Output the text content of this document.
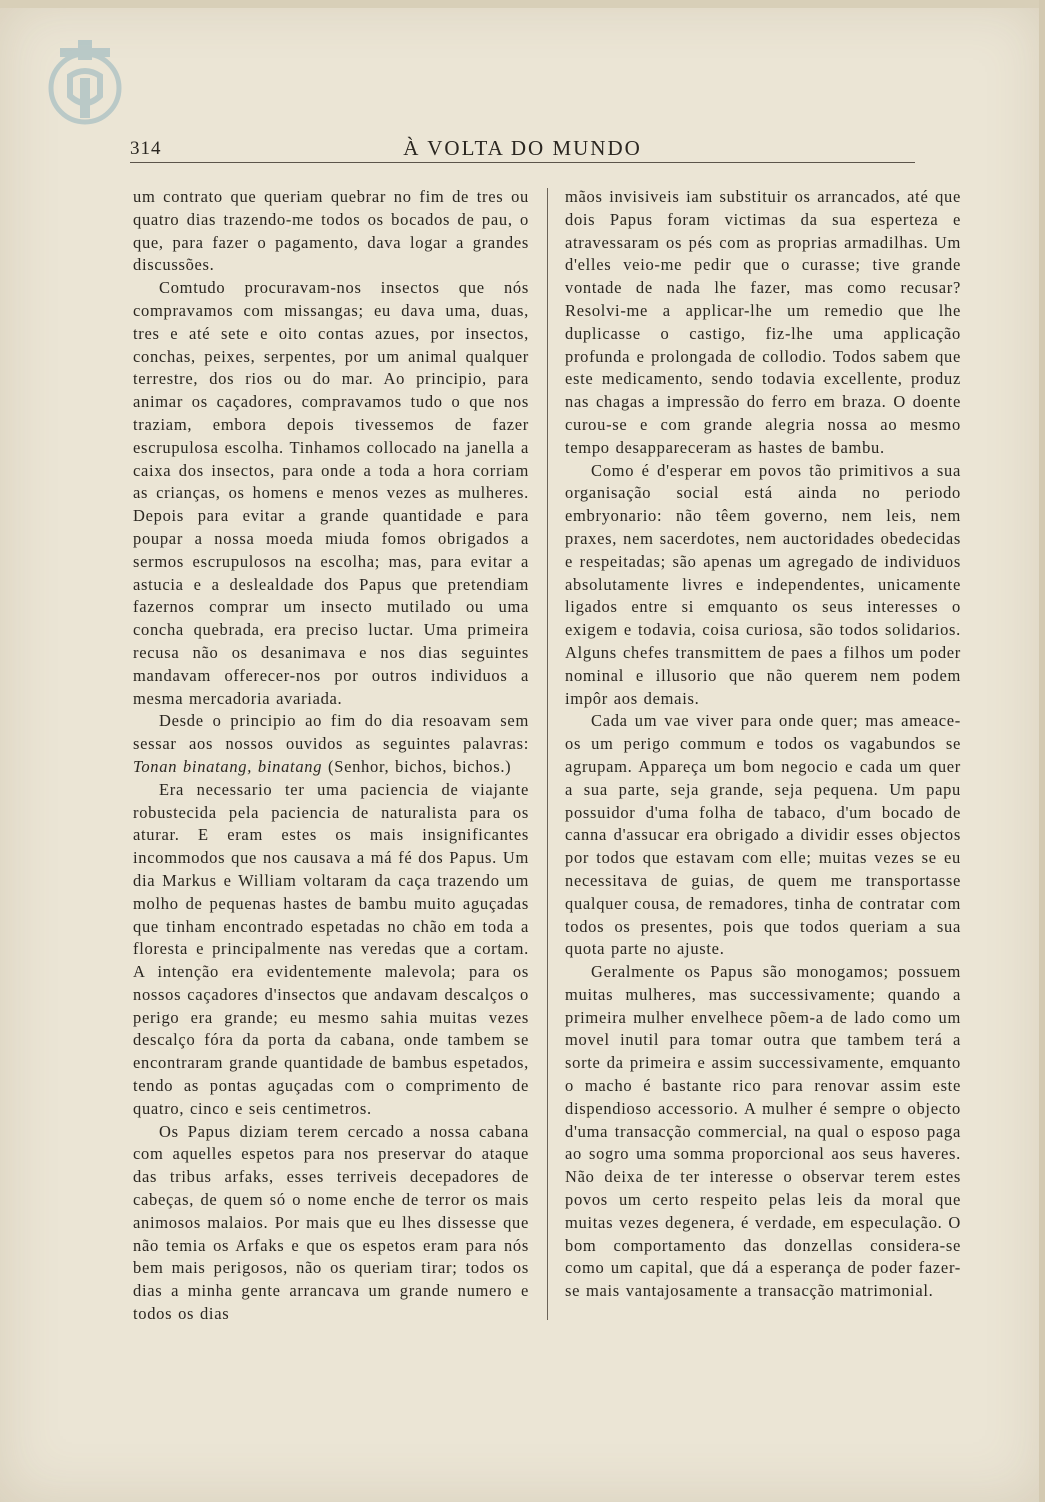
314	À VOLTA DO MUNDO

um contrato que queriam quebrar no fim de tres ou quatro dias trazendo-me todos os bocados de pau, o que, para fazer o pagamento, dava logar a grandes discussões.

Comtudo procuravam-nos insectos que nós compravamos com missangas; eu dava uma, duas, tres e até sete e oito contas azues, por insectos, conchas, peixes, serpentes, por um animal qualquer terrestre, dos rios ou do mar. Ao principio, para animar os caçadores, compravamos tudo o que nos traziam, embora depois tivessemos de fazer escrupulosa escolha. Tinhamos collocado na janella a caixa dos insectos, para onde a toda a hora corriam as crianças, os homens e menos vezes as mulheres. Depois para evitar a grande quantidade e para poupar a nossa moeda miuda fomos obrigados a sermos escrupulosos na escolha; mas, para evitar a astucia e a deslealdade dos Papus que pretendiam fazernos comprar um insecto mutilado ou uma concha quebrada, era preciso luctar. Uma primeira recusa não os desanimava e nos dias seguintes mandavam offerecer-nos por outros individuos a mesma mercadoria avariada.

Desde o principio ao fim do dia resoavam sem sessar aos nossos ouvidos as seguintes palavras: Tonan binatang, binatang (Senhor, bichos, bichos.)

Era necessario ter uma paciencia de viajante robustecida pela paciencia de naturalista para os aturar. E eram estes os mais insignificantes incommodos que nos causava a má fé dos Papus. Um dia Markus e William voltaram da caça trazendo um molho de pequenas hastes de bambu muito aguçadas que tinham encontrado espetadas no chão em toda a floresta e principalmente nas veredas que a cortam. A intenção era evidentemente malevola; para os nossos caçadores d'insectos que andavam descalços o perigo era grande; eu mesmo sahia muitas vezes descalço fóra da porta da cabana, onde tambem se encontraram grande quantidade de bambus espetados, tendo as pontas aguçadas com o comprimento de quatro, cinco e seis centimetros.

Os Papus diziam terem cercado a nossa cabana com aquelles espetos para nos preservar do ataque das tribus arfaks, esses terriveis decepadores de cabeças, de quem só o nome enche de terror os mais animosos malaios. Por mais que eu lhes dissesse que não temia os Arfaks e que os espetos eram para nós bem mais perigosos, não os queriam tirar; todos os dias a minha gente arrancava um grande numero e todos os dias

mãos invisiveis iam substituir os arrancados, até que dois Papus foram victimas da sua esperteza e atravessaram os pés com as proprias armadilhas. Um d'elles veio-me pedir que o curasse; tive grande vontade de nada lhe fazer, mas como recusar? Resolvi-me a applicar-lhe um remedio que lhe duplicasse o castigo, fiz-lhe uma applicação profunda e prolongada de collodio. Todos sabem que este medicamento, sendo todavia excellente, produz nas chagas a impressão do ferro em braza. O doente curou-se e com grande alegria nossa ao mesmo tempo desappareceram as hastes de bambu.

Como é d'esperar em povos tão primitivos a sua organisação social está ainda no periodo embryonario: não têem governo, nem leis, nem praxes, nem sacerdotes, nem auctoridades obedecidas e respeitadas; são apenas um agregado de individuos absolutamente livres e independentes, unicamente ligados entre si emquanto os seus interesses o exigem e todavia, coisa curiosa, são todos solidarios. Alguns chefes transmittem de paes a filhos um poder nominal e illusorio que não querem nem podem impôr aos demais.

Cada um vae viver para onde quer; mas ameace-os um perigo commum e todos os vagabundos se agrupam. Appareça um bom negocio e cada um quer a sua parte, seja grande, seja pequena. Um papu possuidor d'uma folha de tabaco, d'um bocado de canna d'assucar era obrigado a dividir esses objectos por todos que estavam com elle; muitas vezes se eu necessitava de guias, de quem me transportasse qualquer cousa, de remadores, tinha de contratar com todos os presentes, pois que todos queriam a sua quota parte no ajuste.

Geralmente os Papus são monogamos; possuem muitas mulheres, mas successivamente; quando a primeira mulher envelhece põem-a de lado como um movel inutil para tomar outra que tambem terá a sorte da primeira e assim successivamente, emquanto o macho é bastante rico para renovar assim este dispendioso accessorio. A mulher é sempre o objecto d'uma transacção commercial, na qual o esposo paga ao sogro uma somma proporcional aos seus haveres. Não deixa de ter interesse o observar terem estes povos um certo respeito pelas leis da moral que muitas vezes degenera, é verdade, em especulação. O bom comportamento das donzellas considera-se como um capital, que dá a esperança de poder fazer-se mais vantajosamente a transacção matrimonial.
